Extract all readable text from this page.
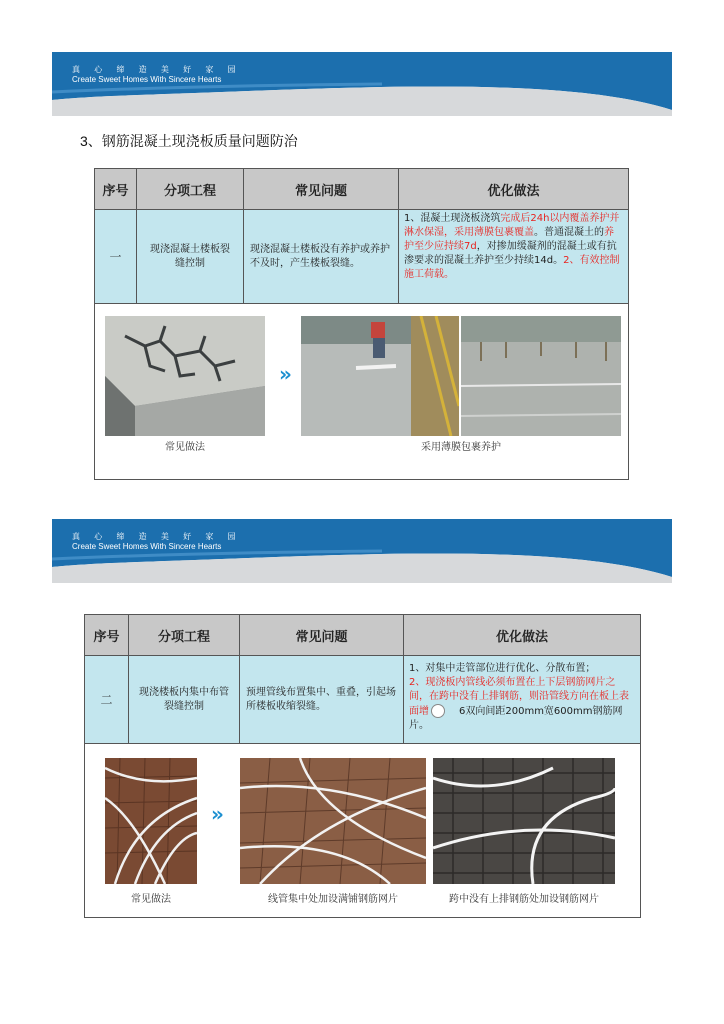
真 心 缔 造 美 好 家 园
Create Sweet Homes With Sincere Hearts
3、钢筋混凝土现浇板质量问题防治
序号	分项工程	常见问题	优化做法
一	现浇混凝土楼板裂缝控制	现浇混凝土楼板没有养护或养护不及时，产生楼板裂缝。	1、混凝土现浇板浇筑完成后24h以内覆盖养护并淋水保湿，采用薄膜包裹覆盖。普通混凝土的养护至少应持续7d，对掺加缓凝剂的混凝土或有抗渗要求的混凝土养护至少持续14d。2、有效控制施工荷载。

»
常见做法 采用薄膜包裹养护			
真 心 缔 造 美 好 家 园
Create Sweet Homes With Sincere Hearts
序号	分项工程	常见问题	优化做法
二	现浇楼板内集中布管裂缝控制	预埋管线布置集中、重叠，引起场所楼板收缩裂缝。	1、对集中走管部位进行优化、分散布置；
2、现浇板内管线必须布置在上下层钢筋网片之间，在跨中没有上排钢筋，则沿管线方向在板上表面增 6双向间距200mm宽600mm钢筋网片。

»
常见做法 线管集中处加设满铺钢筋网片 跨中没有上排钢筋处加设钢筋网片			
